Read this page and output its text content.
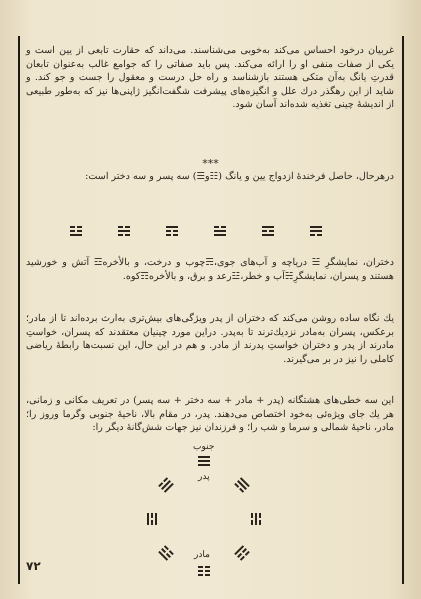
غربیان درخود احساس می‌کند به‌خوبی می‌شناسند. می‌داند که حقارت تابعی از یین است و یکی از صفات منفی او را ارائه می‌کند. پس باید صفاتی را که جوامع غالب به‌عنوان تابعان قدرتِ یانگ به‌آن متکی هستند بازشناسد و راه حل درست و معقول را جست و جو کند. و شاید از این رهگذر درك علل و انگیزه‌های پیشرفت شگفت‌انگیز ژاپنی‌ها نیز که به‌طور طبیعی از اندیشهٔ چینی تغذیه شده‌اند آسان شود.

***

درهرحال، حاصل فرخندهٔ ازدواج یین و یانگ (☷و☰) سه پسر و سه دختر است:

دختران، نمایشگرِ ☱ دریاچه و آب‌های جوی،☴چوب و درخت، و بالأخره☲ آتش و خورشید هستند و پسران، نمایشگرِ☵آب و خطر،☳رعد و برق، و بالأخره☶کوه.

یك نگاه ساده روشن می‌کند که دختران از پدر ویژگی‌های بیش‌تری به‌ارث برده‌اند تا از مادر؛ برعکس، پسران به‌مادر نزدیك‌ترند تا به‌پدر. دراین مورد چینیان معتقدند که پسران، خواستِ مادرند از پدر و دختران خواستِ پدرند از مادر. و هم در این حال، این نسبت‌ها رابطهٔ ریاضی کاملی را نیز در بر می‌گیرند.

این سه خطی‌های هشتگانه (پدر + مادر + سه دختر + سه پسر) در تعریف مکانی و زمانی، هر یك جای ویژه‌ئی به‌خود اختصاص می‌دهند. پدر، در مقام بالا، ناحیهٔ جنوبی وگرما وروز را؛مادر، ناحیهٔ شمالی و سرما و شب را؛ و فرزندان نیز جهات شش‌گانهٔ دیگر را:

جنوب
پدر
مادر
۷۲
